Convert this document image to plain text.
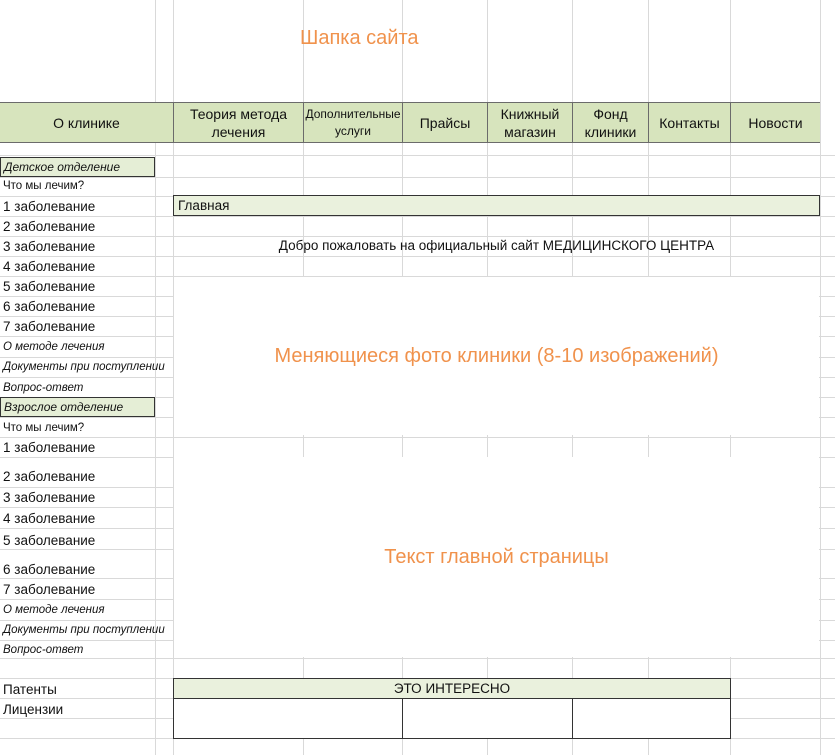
Шапка сайта
О клинике
Теория метода лечения
Дополнительные услуги	Прайсы
Книжный магазин
Фонд клиники
Контакты	Новости
Детское отделение
Что мы лечим?
1 заболевание
2 заболевание
3 заболевание
4 заболевание
5 заболевание
6 заболевание
7 заболевание
О методе лечения
Документы при поступлении
Вопрос-ответ
Взрослое отделение
Что мы лечим?
1 заболевание
2 заболевание
3 заболевание
4 заболевание
5 заболевание
6 заболевание
7 заболевание
О методе лечения
Документы при поступлении
Вопрос-ответ
Патенты
Лицензии
Главная
Добро пожаловать на официальный сайт МЕДИЦИНСКОГО ЦЕНТРА
Меняющиеся фото клиники (8-10 изображений)
Текст главной страницы
ЭТО ИНТЕРЕСНО
